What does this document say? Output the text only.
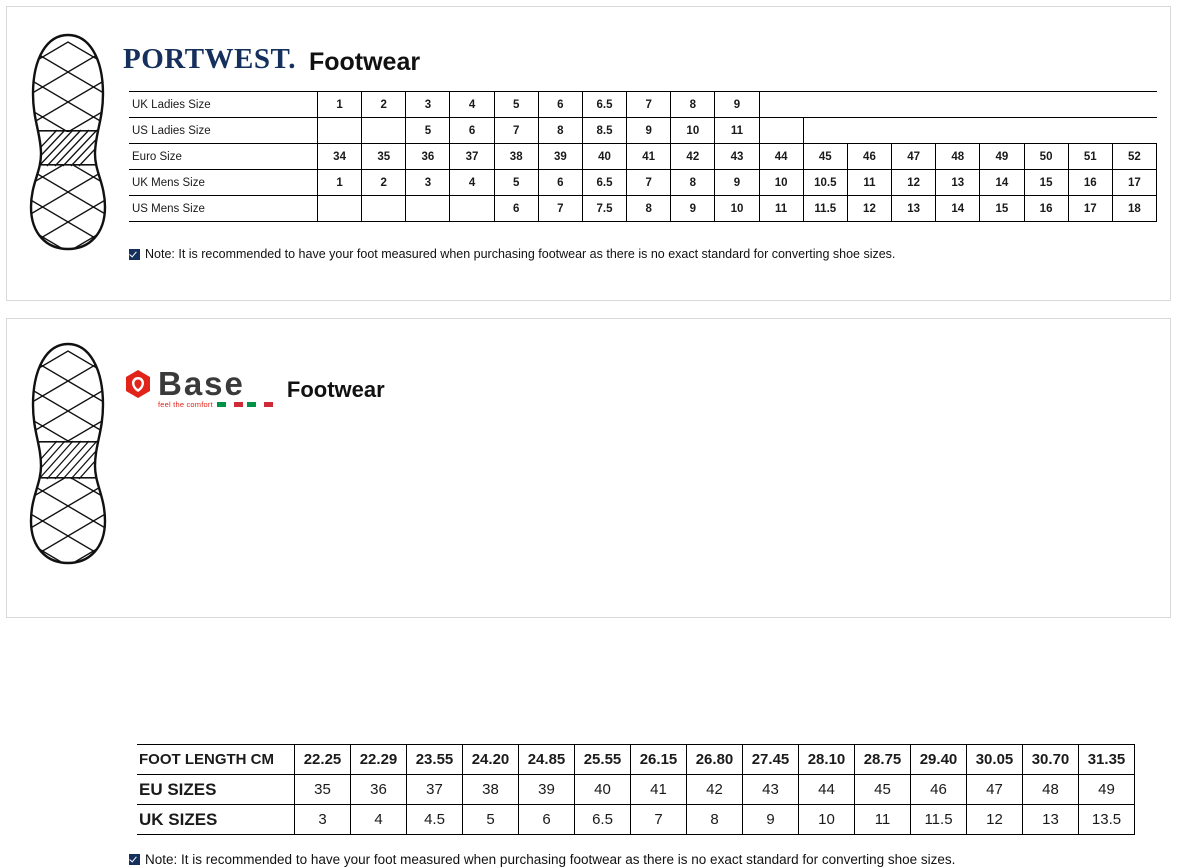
PORTWEST. Footwear
UK Ladies Size	1	2	3	4	5	6	6.5	7	8	9									
US Ladies Size			5	6	7	8	8.5	9	10	11									
Euro Size	34	35	36	37	38	39	40	41	42	43	44	45	46	47	48	49	50	51	52
UK Mens Size	1	2	3	4	5	6	6.5	7	8	9	10	10.5	11	12	13	14	15	16	17
US Mens Size					6	7	7.5	8	9	10	11	11.5	12	13	14	15	16	17	18
Note: It is recommended to have your foot measured when purchasing footwear as there is no exact standard for converting shoe sizes.
Base
feel the comfort
Footwear
FOOT LENGTH CM	22.25	22.29	23.55	24.20	24.85	25.55	26.15	26.80	27.45	28.10	28.75	29.40	30.05	30.70	31.35
EU SIZES	35	36	37	38	39	40	41	42	43	44	45	46	47	48	49
UK SIZES	3	4	4.5	5	6	6.5	7	8	9	10	11	11.5	12	13	13.5
Note: It is recommended to have your foot measured when purchasing footwear as there is no exact standard for converting shoe sizes.
